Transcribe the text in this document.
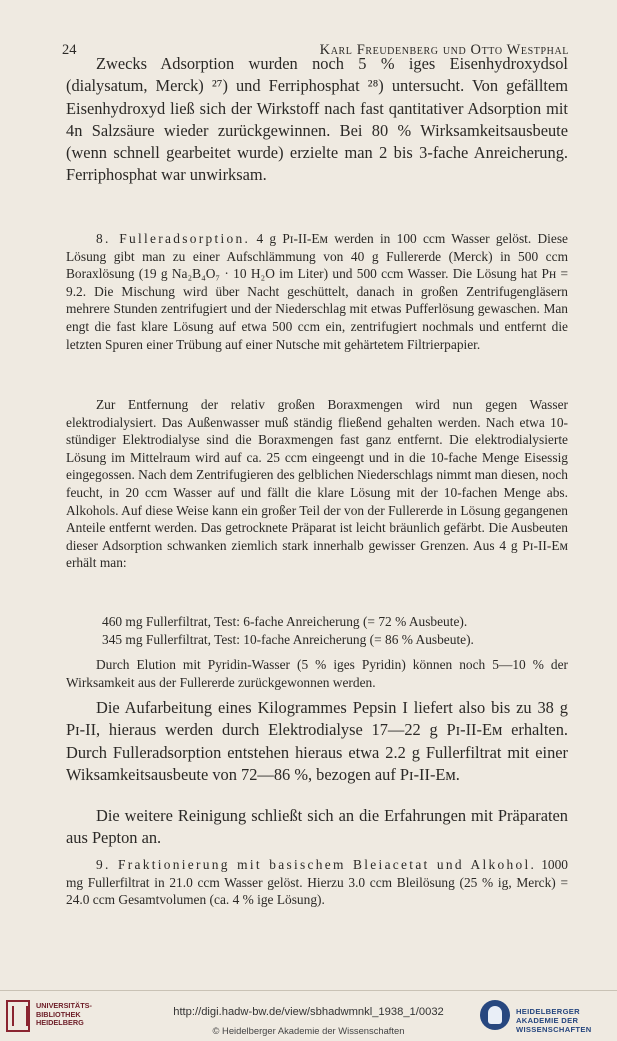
24	Karl Freudenberg und Otto Westphal

Zwecks Adsorption wurden noch 5 % iges Eisenhydroxydsol (dialysatum, Merck) ²⁷) und Ferriphosphat ²⁸) untersucht. Von gefälltem Eisenhydroxyd ließ sich der Wirkstoff nach fast qantitativer Adsorption mit 4n Salzsäure wieder zurückgewinnen. Bei 80 % Wirksamkeitsausbeute (wenn schnell gearbeitet wurde) erzielte man 2 bis 3-fache Anreicherung. Ferriphosphat war unwirksam.

8. Fulleradsorption. 4 g Pɪ-II-Eᴍ werden in 100 ccm Wasser gelöst. Diese Lösung gibt man zu einer Aufschlämmung von 40 g Fullererde (Merck) in 500 ccm Boraxlösung (19 g Na₂B₄O₇ · 10 H₂O im Liter) und 500 ccm Wasser. Die Lösung hat Pʜ = 9.2. Die Mischung wird über Nacht geschüttelt, danach in großen Zentrifugengläsern mehrere Stunden zentrifugiert und der Niederschlag mit etwas Pufferlösung gewaschen. Man engt die fast klare Lösung auf etwa 500 ccm ein, zentrifugiert nochmals und entfernt die letzten Spuren einer Trübung auf einer Nutsche mit gehärtetem Filtrierpapier.

Zur Entfernung der relativ großen Boraxmengen wird nun gegen Wasser elektrodialysiert. Das Außenwasser muß ständig fließend gehalten werden. Nach etwa 10-stündiger Elektrodialyse sind die Boraxmengen fast ganz entfernt. Die elektrodialysierte Lösung im Mittelraum wird auf ca. 25 ccm eingeengt und in die 10-fache Menge Eisessig eingegossen. Nach dem Zentrifugieren des gelblichen Niederschlags nimmt man diesen, noch feucht, in 20 ccm Wasser auf und fällt die klare Lösung mit der 10-fachen Menge abs. Alkohols. Auf diese Weise kann ein großer Teil der von der Fullererde in Lösung gegangenen Anteile entfernt werden. Das getrocknete Präparat ist leicht bräunlich gefärbt. Die Ausbeuten dieser Adsorption schwanken ziemlich stark innerhalb gewisser Grenzen. Aus 4 g Pɪ-II-Eᴍ erhält man:

460 mg Fullerfiltrat, Test: 6-fache Anreicherung (= 72 % Ausbeute).
345 mg Fullerfiltrat, Test: 10-fache Anreicherung (= 86 % Ausbeute).

Durch Elution mit Pyridin-Wasser (5 % iges Pyridin) können noch 5—10 % der Wirksamkeit aus der Fullererde zurückgewonnen werden.

Die Aufarbeitung eines Kilogrammes Pepsin I liefert also bis zu 38 g Pɪ-II, hieraus werden durch Elektrodialyse 17—22 g Pɪ-II-Eᴍ erhalten. Durch Fulleradsorption entstehen hieraus etwa 2.2 g Fullerfiltrat mit einer Wiksamkeitsausbeute von 72—86 %, bezogen auf Pɪ-II-Eᴍ.

Die weitere Reinigung schließt sich an die Erfahrungen mit Präparaten aus Pepton an.

9. Fraktionierung mit basischem Bleiacetat und Alkohol. 1000 mg Fullerfiltrat in 21.0 ccm Wasser gelöst. Hierzu 3.0 ccm Bleilösung (25 % ig, Merck) = 24.0 ccm Gesamtvolumen (ca. 4 % ige Lösung).

UNIVERSITÄTS-BIBLIOTHEK HEIDELBERG
http://digi.hadw-bw.de/view/sbhadwmnkl_1938_1/0032
© Heidelberger Akademie der Wissenschaften
HEIDELBERGER AKADEMIE DER WISSENSCHAFTEN
